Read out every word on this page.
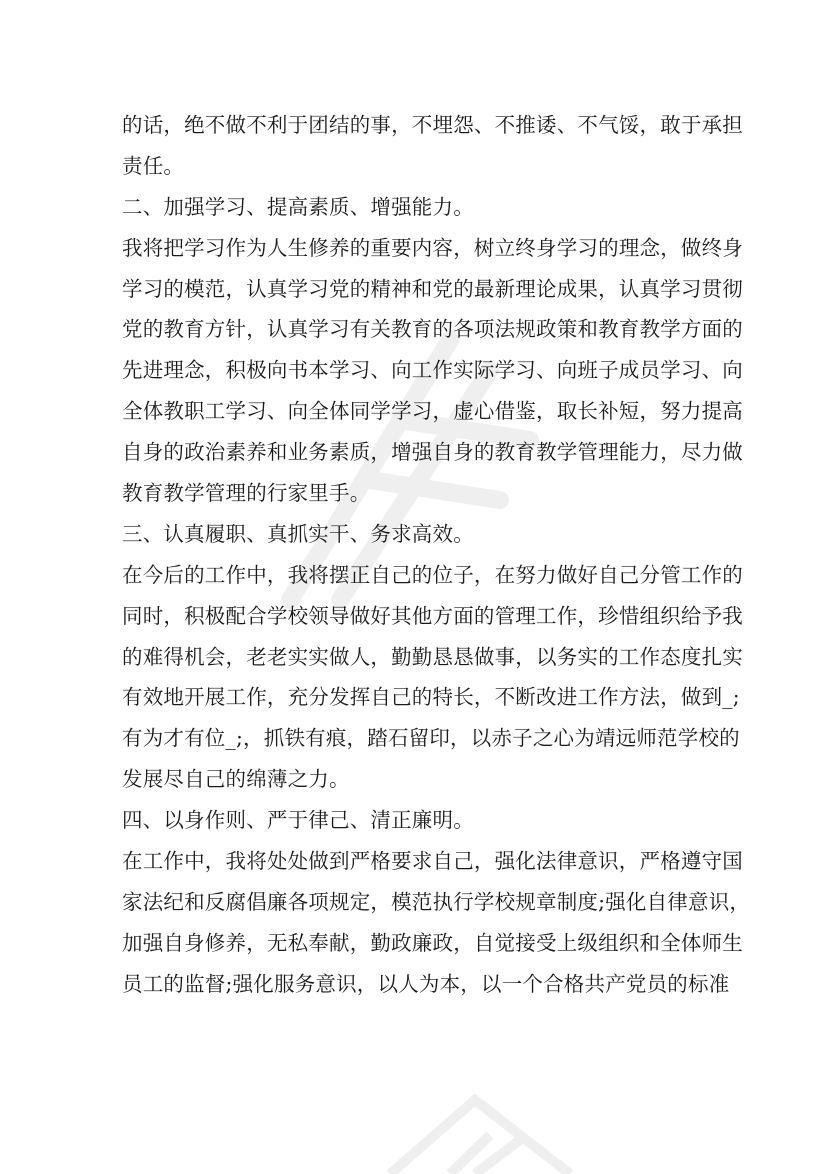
的话，绝不做不利于团结的事，不埋怨、不推诿、不气馁，敢于承担
责任。
二、加强学习、提高素质、增强能力。
我将把学习作为人生修养的重要内容，树立终身学习的理念，做终身
学习的模范，认真学习党的精神和党的最新理论成果，认真学习贯彻
党的教育方针，认真学习有关教育的各项法规政策和教育教学方面的
先进理念，积极向书本学习、向工作实际学习、向班子成员学习、向
全体教职工学习、向全体同学学习，虚心借鉴，取长补短，努力提高
自身的政治素养和业务素质，增强自身的教育教学管理能力，尽力做
教育教学管理的行家里手。
三、认真履职、真抓实干、务求高效。
在今后的工作中，我将摆正自己的位子，在努力做好自己分管工作的
同时，积极配合学校领导做好其他方面的管理工作，珍惜组织给予我
的难得机会，老老实实做人，勤勤恳恳做事，以务实的工作态度扎实
有效地开展工作，充分发挥自己的特长，不断改进工作方法，做到_;
有为才有位_;，抓铁有痕，踏石留印，以赤子之心为靖远师范学校的
发展尽自己的绵薄之力。
四、以身作则、严于律己、清正廉明。
在工作中，我将处处做到严格要求自己，强化法律意识，严格遵守国
家法纪和反腐倡廉各项规定，模范执行学校规章制度;强化自律意识，
加强自身修养，无私奉献，勤政廉政，自觉接受上级组织和全体师生
员工的监督;强化服务意识，以人为本，以一个合格共产党员的标准
